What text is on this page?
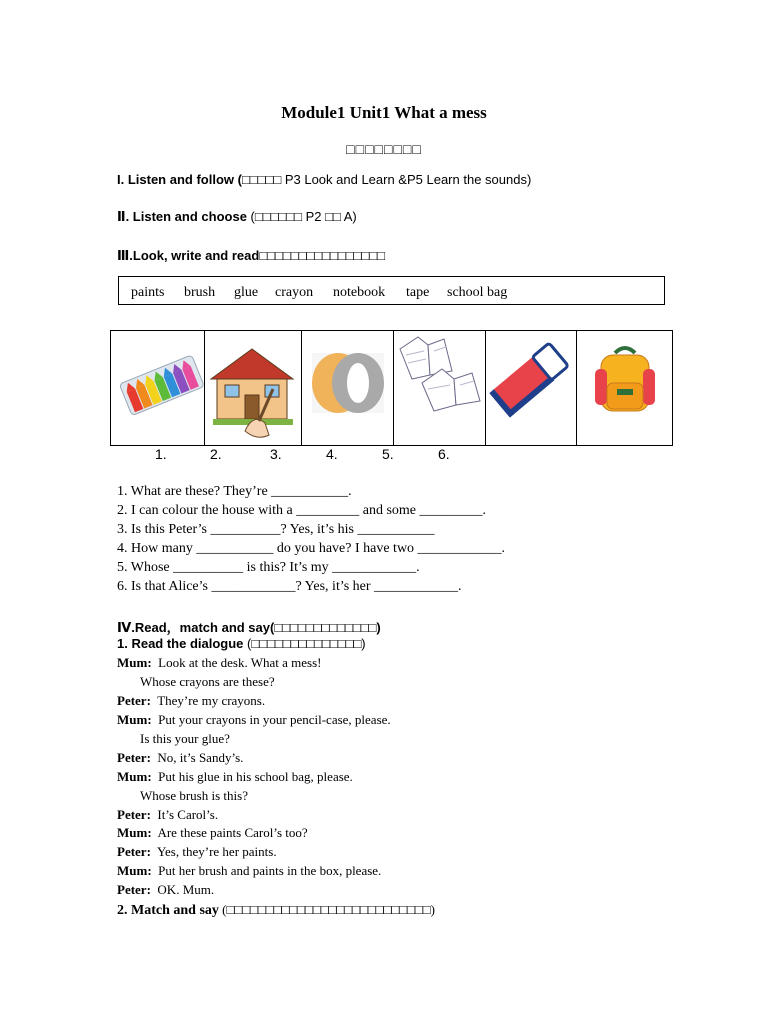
Module1 Unit1 What a mess
□□□□□□□□
I. Listen and follow (□□□□□ P3 Look and Learn &P5 Learn the sounds)
Ⅱ. Listen and choose (□□□□□□ P2 □□ A)
Ⅲ.Look, write and read□□□□□□□□□□□□□□□□
paints brush glue crayon notebook tape school bag
1.	2.	3.	4.	5.	6.
1. What are these? They’re ___________.
2. I can colour the house with a _________ and some _________.
3. Is this Peter’s __________? Yes, it’s his ___________
4. How many ___________ do you have? I have two ____________.
5. Whose __________ is this? It’s my ____________.
6. Is that Alice’s ____________? Yes, it’s her ____________.
Ⅳ.Read，match and say(□□□□□□□□□□□□□)
1. Read the dialogue (□□□□□□□□□□□□□□)
Mum: Look at the desk. What a mess!
Whose crayons are these?
Peter: They’re my crayons.
Mum: Put your crayons in your pencil-case, please.
Is this your glue?
Peter: No, it’s Sandy’s.
Mum: Put his glue in his school bag, please.
Whose brush is this?
Peter: It’s Carol’s.
Mum: Are these paints Carol’s too?
Peter: Yes, they’re her paints.
Mum: Put her brush and paints in the box, please.
Peter: OK. Mum.
2. Match and say (□□□□□□□□□□□□□□□□□□□□□□□□□□)
